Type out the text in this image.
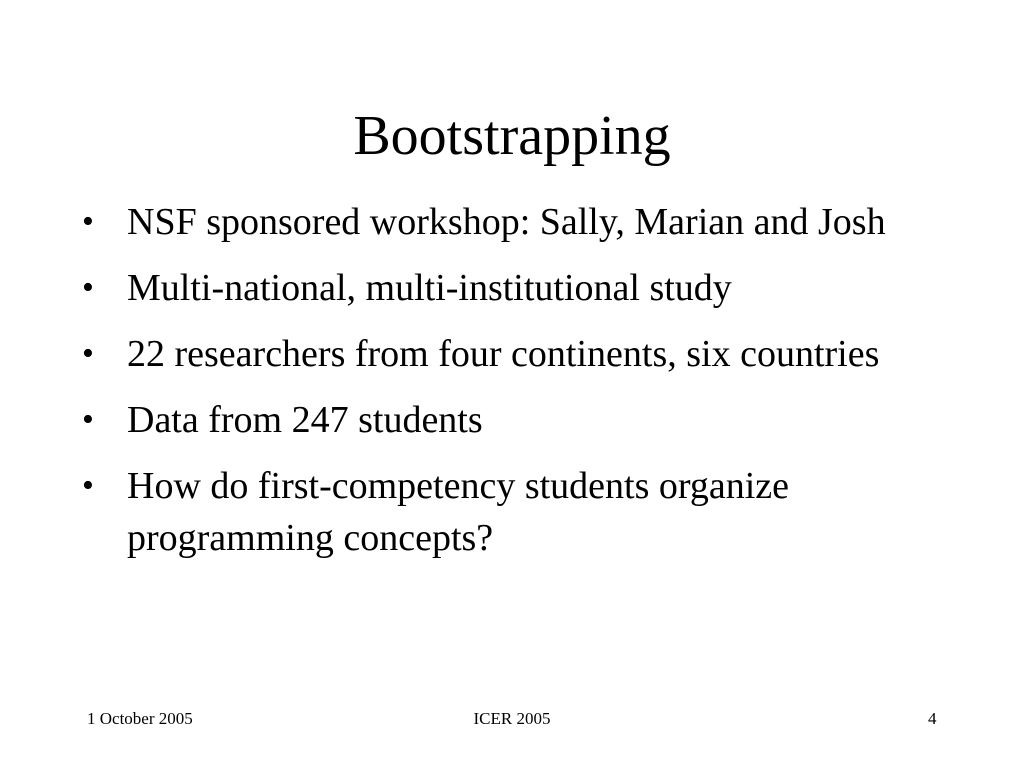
Bootstrapping
• NSF sponsored workshop: Sally, Marian and Josh
• Multi-national, multi-institutional study
• 22 researchers from four continents, six countries
• Data from 247 students
• How do first-competency students organize programming concepts?
1 October 2005	ICER 2005	4
